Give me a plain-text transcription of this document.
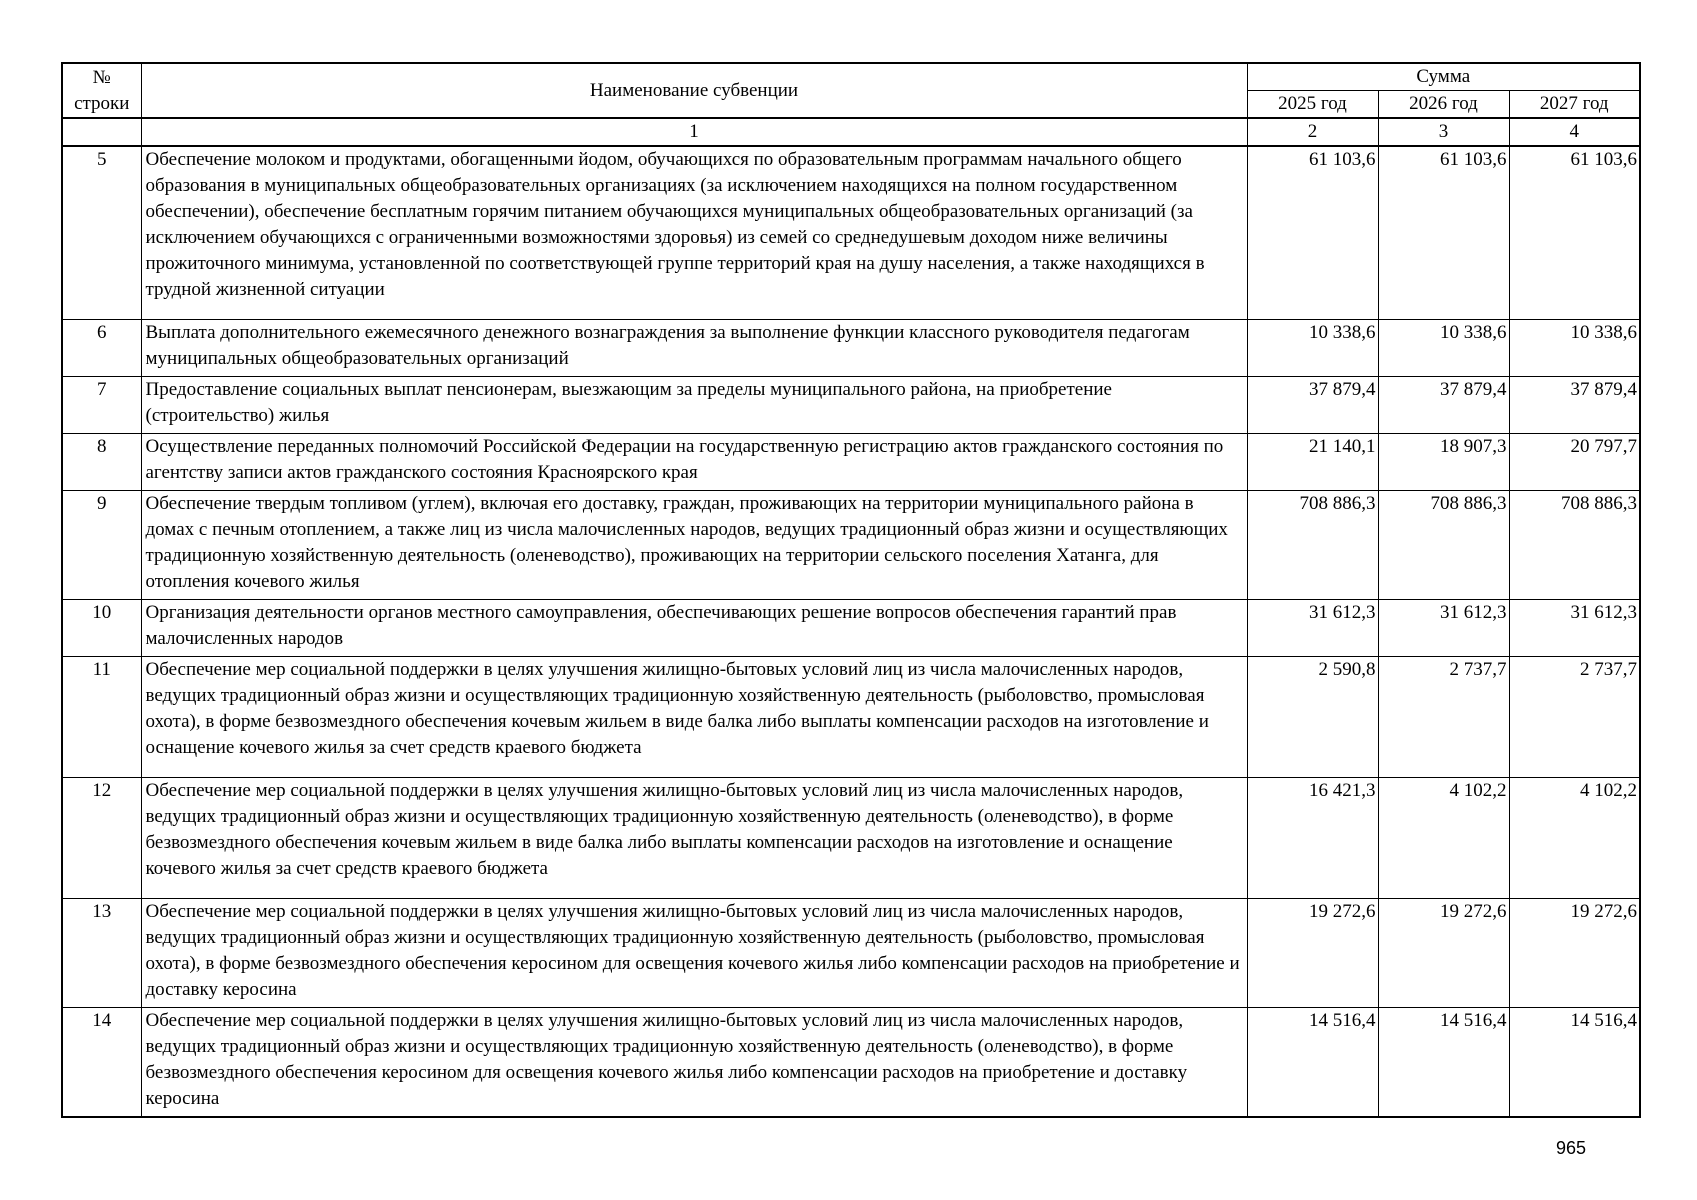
№ строки	Наименование субвенции	Сумма		
		2025 год	2026 год	2027 год
	1	2	3	4
5	Обеспечение молоком и продуктами, обогащенными йодом, обучающихся по образовательным программам начального общего образования в муниципальных общеобразовательных организациях (за исключением находящихся на полном государственном обеспечении), обеспечение бесплатным горячим питанием обучающихся муниципальных общеобразовательных организаций (за исключением обучающихся с ограниченными возможностями здоровья) из семей со среднедушевым доходом ниже величины прожиточного минимума, установленной по соответствующей группе территорий края на душу населения, а также находящихся в трудной жизненной ситуации	61 103,6	61 103,6	61 103,6
6	Выплата дополнительного ежемесячного денежного вознаграждения за выполнение функции классного руководителя педагогам муниципальных общеобразовательных организаций	10 338,6	10 338,6	10 338,6
7	Предоставление социальных выплат пенсионерам, выезжающим за пределы муниципального района, на приобретение (строительство) жилья	37 879,4	37 879,4	37 879,4
8	Осуществление переданных полномочий Российской Федерации на государственную регистрацию актов гражданского состояния по агентству записи актов гражданского состояния Красноярского края	21 140,1	18 907,3	20 797,7
9	Обеспечение твердым топливом (углем), включая его доставку, граждан, проживающих на территории муниципального района в домах с печным отоплением, а также лиц из числа малочисленных народов, ведущих традиционный образ жизни и осуществляющих традиционную хозяйственную деятельность (оленеводство), проживающих на территории сельского поселения Хатанга, для отопления кочевого жилья	708 886,3	708 886,3	708 886,3
10	Организация деятельности органов местного самоуправления, обеспечивающих решение вопросов обеспечения гарантий прав малочисленных народов	31 612,3	31 612,3	31 612,3
11	Обеспечение мер социальной поддержки в целях улучшения жилищно-бытовых условий лиц из числа малочисленных народов, ведущих традиционный образ жизни и осуществляющих традиционную хозяйственную деятельность (рыболовство, промысловая охота), в форме безвозмездного обеспечения кочевым жильем в виде балка либо выплаты компенсации расходов на изготовление и оснащение кочевого жилья за счет средств краевого бюджета	2 590,8	2 737,7	2 737,7
12	Обеспечение мер социальной поддержки в целях улучшения жилищно-бытовых условий лиц из числа малочисленных народов, ведущих традиционный образ жизни и осуществляющих традиционную хозяйственную деятельность (оленеводство), в форме безвозмездного обеспечения кочевым жильем в виде балка либо выплаты компенсации расходов на изготовление и оснащение кочевого жилья за счет средств краевого бюджета	16 421,3	4 102,2	4 102,2
13	Обеспечение мер социальной поддержки в целях улучшения жилищно-бытовых условий лиц из числа малочисленных народов, ведущих традиционный образ жизни и осуществляющих традиционную хозяйственную деятельность (рыболовство, промысловая охота), в форме безвозмездного обеспечения керосином для освещения кочевого жилья либо компенсации расходов на приобретение и доставку керосина	19 272,6	19 272,6	19 272,6
14	Обеспечение мер социальной поддержки в целях улучшения жилищно-бытовых условий лиц из числа малочисленных народов, ведущих традиционный образ жизни и осуществляющих традиционную хозяйственную деятельность (оленеводство), в форме безвозмездного обеспечения керосином для освещения кочевого жилья либо компенсации расходов на приобретение и доставку керосина	14 516,4	14 516,4	14 516,4
965
